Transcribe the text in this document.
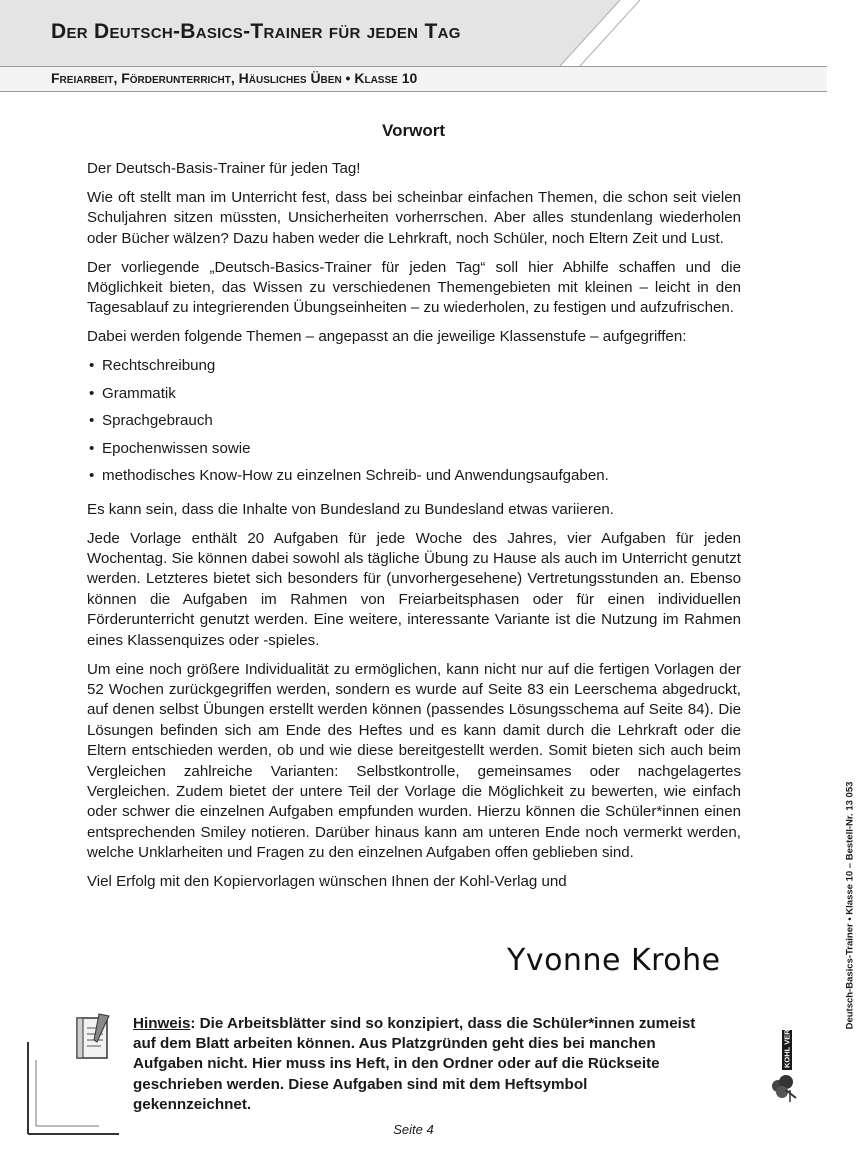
Der Deutsch-Basics-Trainer für jeden Tag
Freiarbeit, Förderunterricht, Häusliches Üben • Klasse 10
Vorwort

Der Deutsch-Basis-Trainer für jeden Tag!

Wie oft stellt man im Unterricht fest, dass bei scheinbar einfachen Themen, die schon seit vielen Schuljahren sitzen müssten, Unsicherheiten vorherrschen. Aber alles stundenlang wiederholen oder Bücher wälzen? Dazu haben weder die Lehrkraft, noch Schüler, noch Eltern Zeit und Lust.

Der vorliegende „Deutsch-Basics-Trainer für jeden Tag“ soll hier Abhilfe schaffen und die Möglichkeit bieten, das Wissen zu verschiedenen Themengebieten mit kleinen – leicht in den Tagesablauf zu integrierenden Übungseinheiten – zu wiederholen, zu festigen und aufzufrischen.

Dabei werden folgende Themen – angepasst an die jeweilige Klassenstufe – aufgegriffen:

• Rechtschreibung
• Grammatik
• Sprachgebrauch
• Epochenwissen sowie
• methodisches Know-How zu einzelnen Schreib- und Anwendungsaufgaben.

Es kann sein, dass die Inhalte von Bundesland zu Bundesland etwas variieren.

Jede Vorlage enthält 20 Aufgaben für jede Woche des Jahres, vier Aufgaben für jeden Wochentag. Sie können dabei sowohl als tägliche Übung zu Hause als auch im Unterricht genutzt werden. Letzteres bietet sich besonders für (unvorhergesehene) Vertretungsstunden an. Ebenso können die Aufgaben im Rahmen von Freiarbeitsphasen oder für einen individuellen Förderunterricht genutzt werden. Eine weitere, interessante Variante ist die Nutzung im Rahmen eines Klassenquizes oder -spieles.

Um eine noch größere Individualität zu ermöglichen, kann nicht nur auf die fertigen Vorlagen der 52 Wochen zurückgegriffen werden, sondern es wurde auf Seite 83 ein Leerschema abgedruckt, auf denen selbst Übungen erstellt werden können (passendes Lösungsschema auf Seite 84). Die Lösungen befinden sich am Ende des Heftes und es kann damit durch die Lehrkraft oder die Eltern entschieden werden, ob und wie diese bereitgestellt werden. Somit bieten sich auch beim Vergleichen zahlreiche Varianten: Selbstkontrolle, gemeinsames oder nachgelagertes Vergleichen. Zudem bietet der untere Teil der Vorlage die Möglichkeit zu bewerten, wie einfach oder schwer die einzelnen Aufgaben empfunden wurden. Hierzu können die Schüler*innen einen entsprechenden Smiley notieren. Darüber hinaus kann am unteren Ende noch vermerkt werden, welche Unklarheiten und Fragen zu den einzelnen Aufgaben offen geblieben sind.

Viel Erfolg mit den Kopiervorlagen wünschen Ihnen der Kohl-Verlag und

Yvonne Krohe
Hinweis: Die Arbeitsblätter sind so konzipiert, dass die Schüler*innen zumeist auf dem Blatt arbeiten können. Aus Platzgründen geht dies bei manchen Aufgaben nicht. Hier muss ins Heft, in den Ordner oder auf die Rückseite geschrieben werden. Diese Aufgaben sind mit dem Heftsymbol gekennzeichnet.
Deutsch-Basics-Trainer • Klasse 10 – Bestell-Nr. 13 053
KOHL VERLAG
Seite 4
